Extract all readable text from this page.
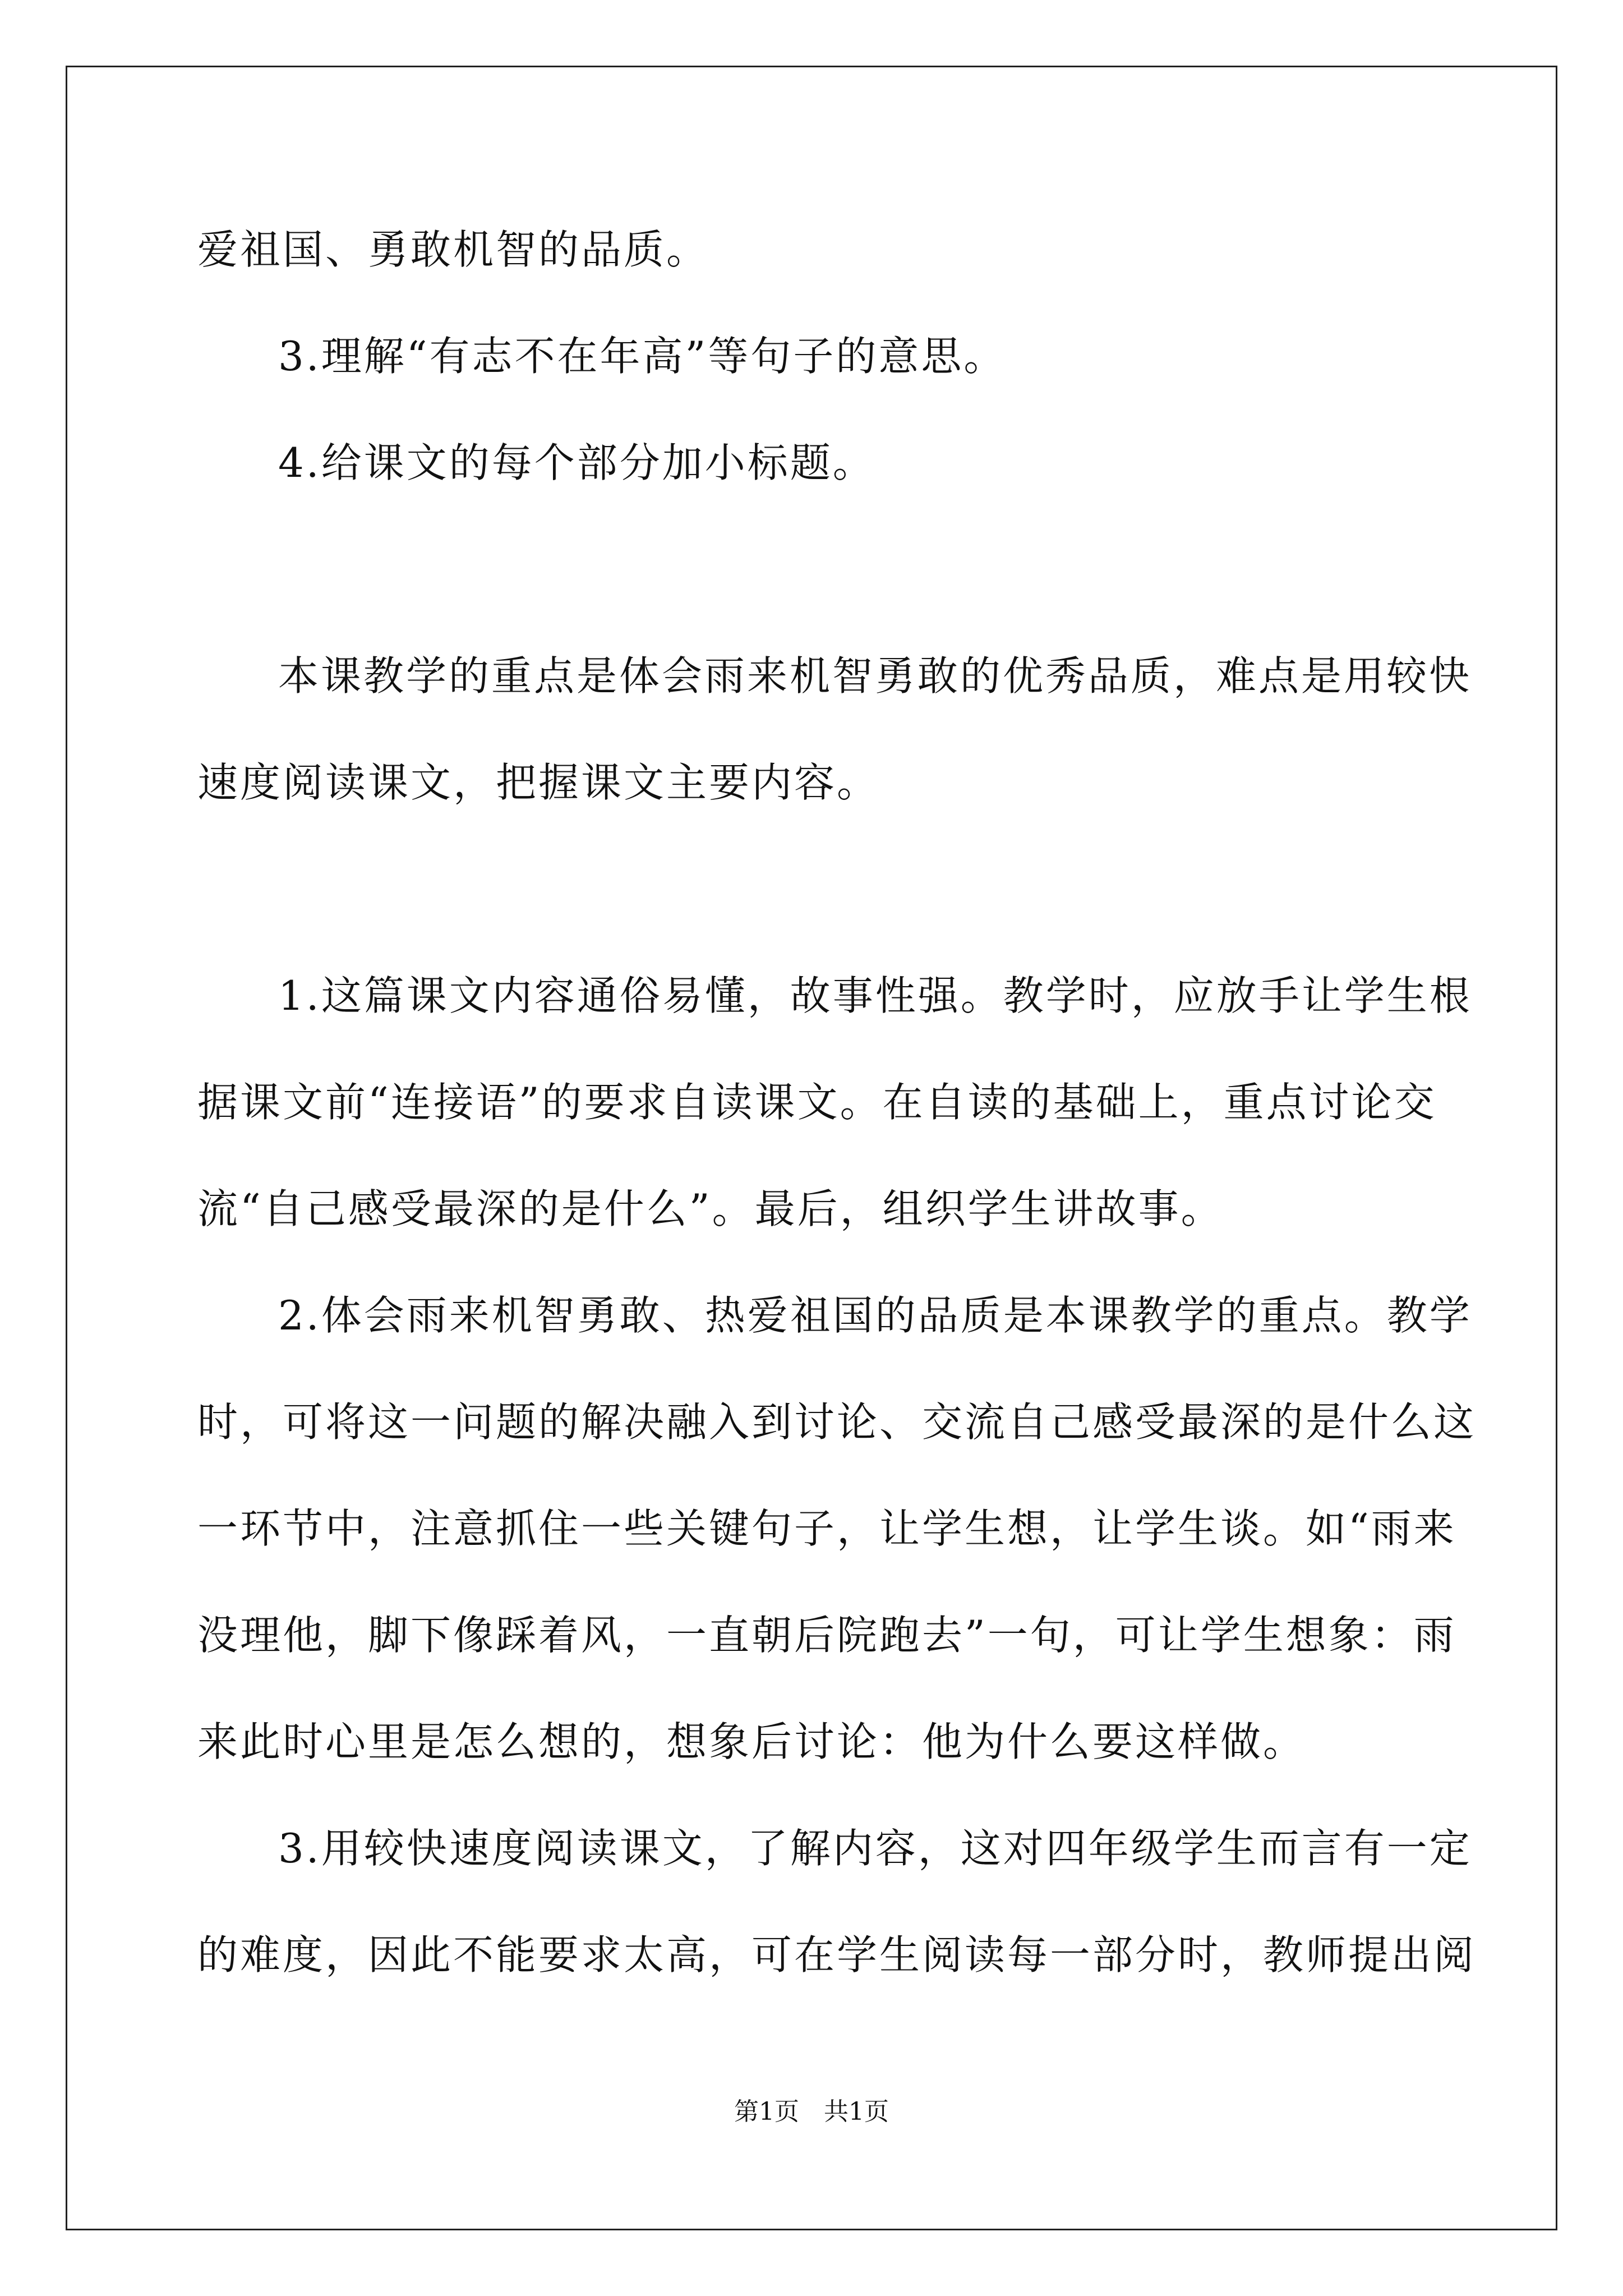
爱祖国、勇敢机智的品质。
3.理解“有志不在年高”等句子的意思。
4.给课文的每个部分加小标题。
本课教学的重点是体会雨来机智勇敢的优秀品质，难点是用较快
速度阅读课文，把握课文主要内容。
1.这篇课文内容通俗易懂，故事性强。教学时，应放手让学生根
据课文前“连接语”的要求自读课文。在自读的基础上，重点讨论交
流“自己感受最深的是什么”。最后，组织学生讲故事。
2.体会雨来机智勇敢、热爱祖国的品质是本课教学的重点。教学
时，可将这一问题的解决融入到讨论、交流自己感受最深的是什么这
一环节中，注意抓住一些关键句子，让学生想，让学生谈。如“雨来
没理他，脚下像踩着风，一直朝后院跑去”一句，可让学生想象：雨
来此时心里是怎么想的，想象后讨论：他为什么要这样做。
3.用较快速度阅读课文，了解内容，这对四年级学生而言有一定
的难度，因此不能要求太高，可在学生阅读每一部分时，教师提出阅
第1页　共1页
